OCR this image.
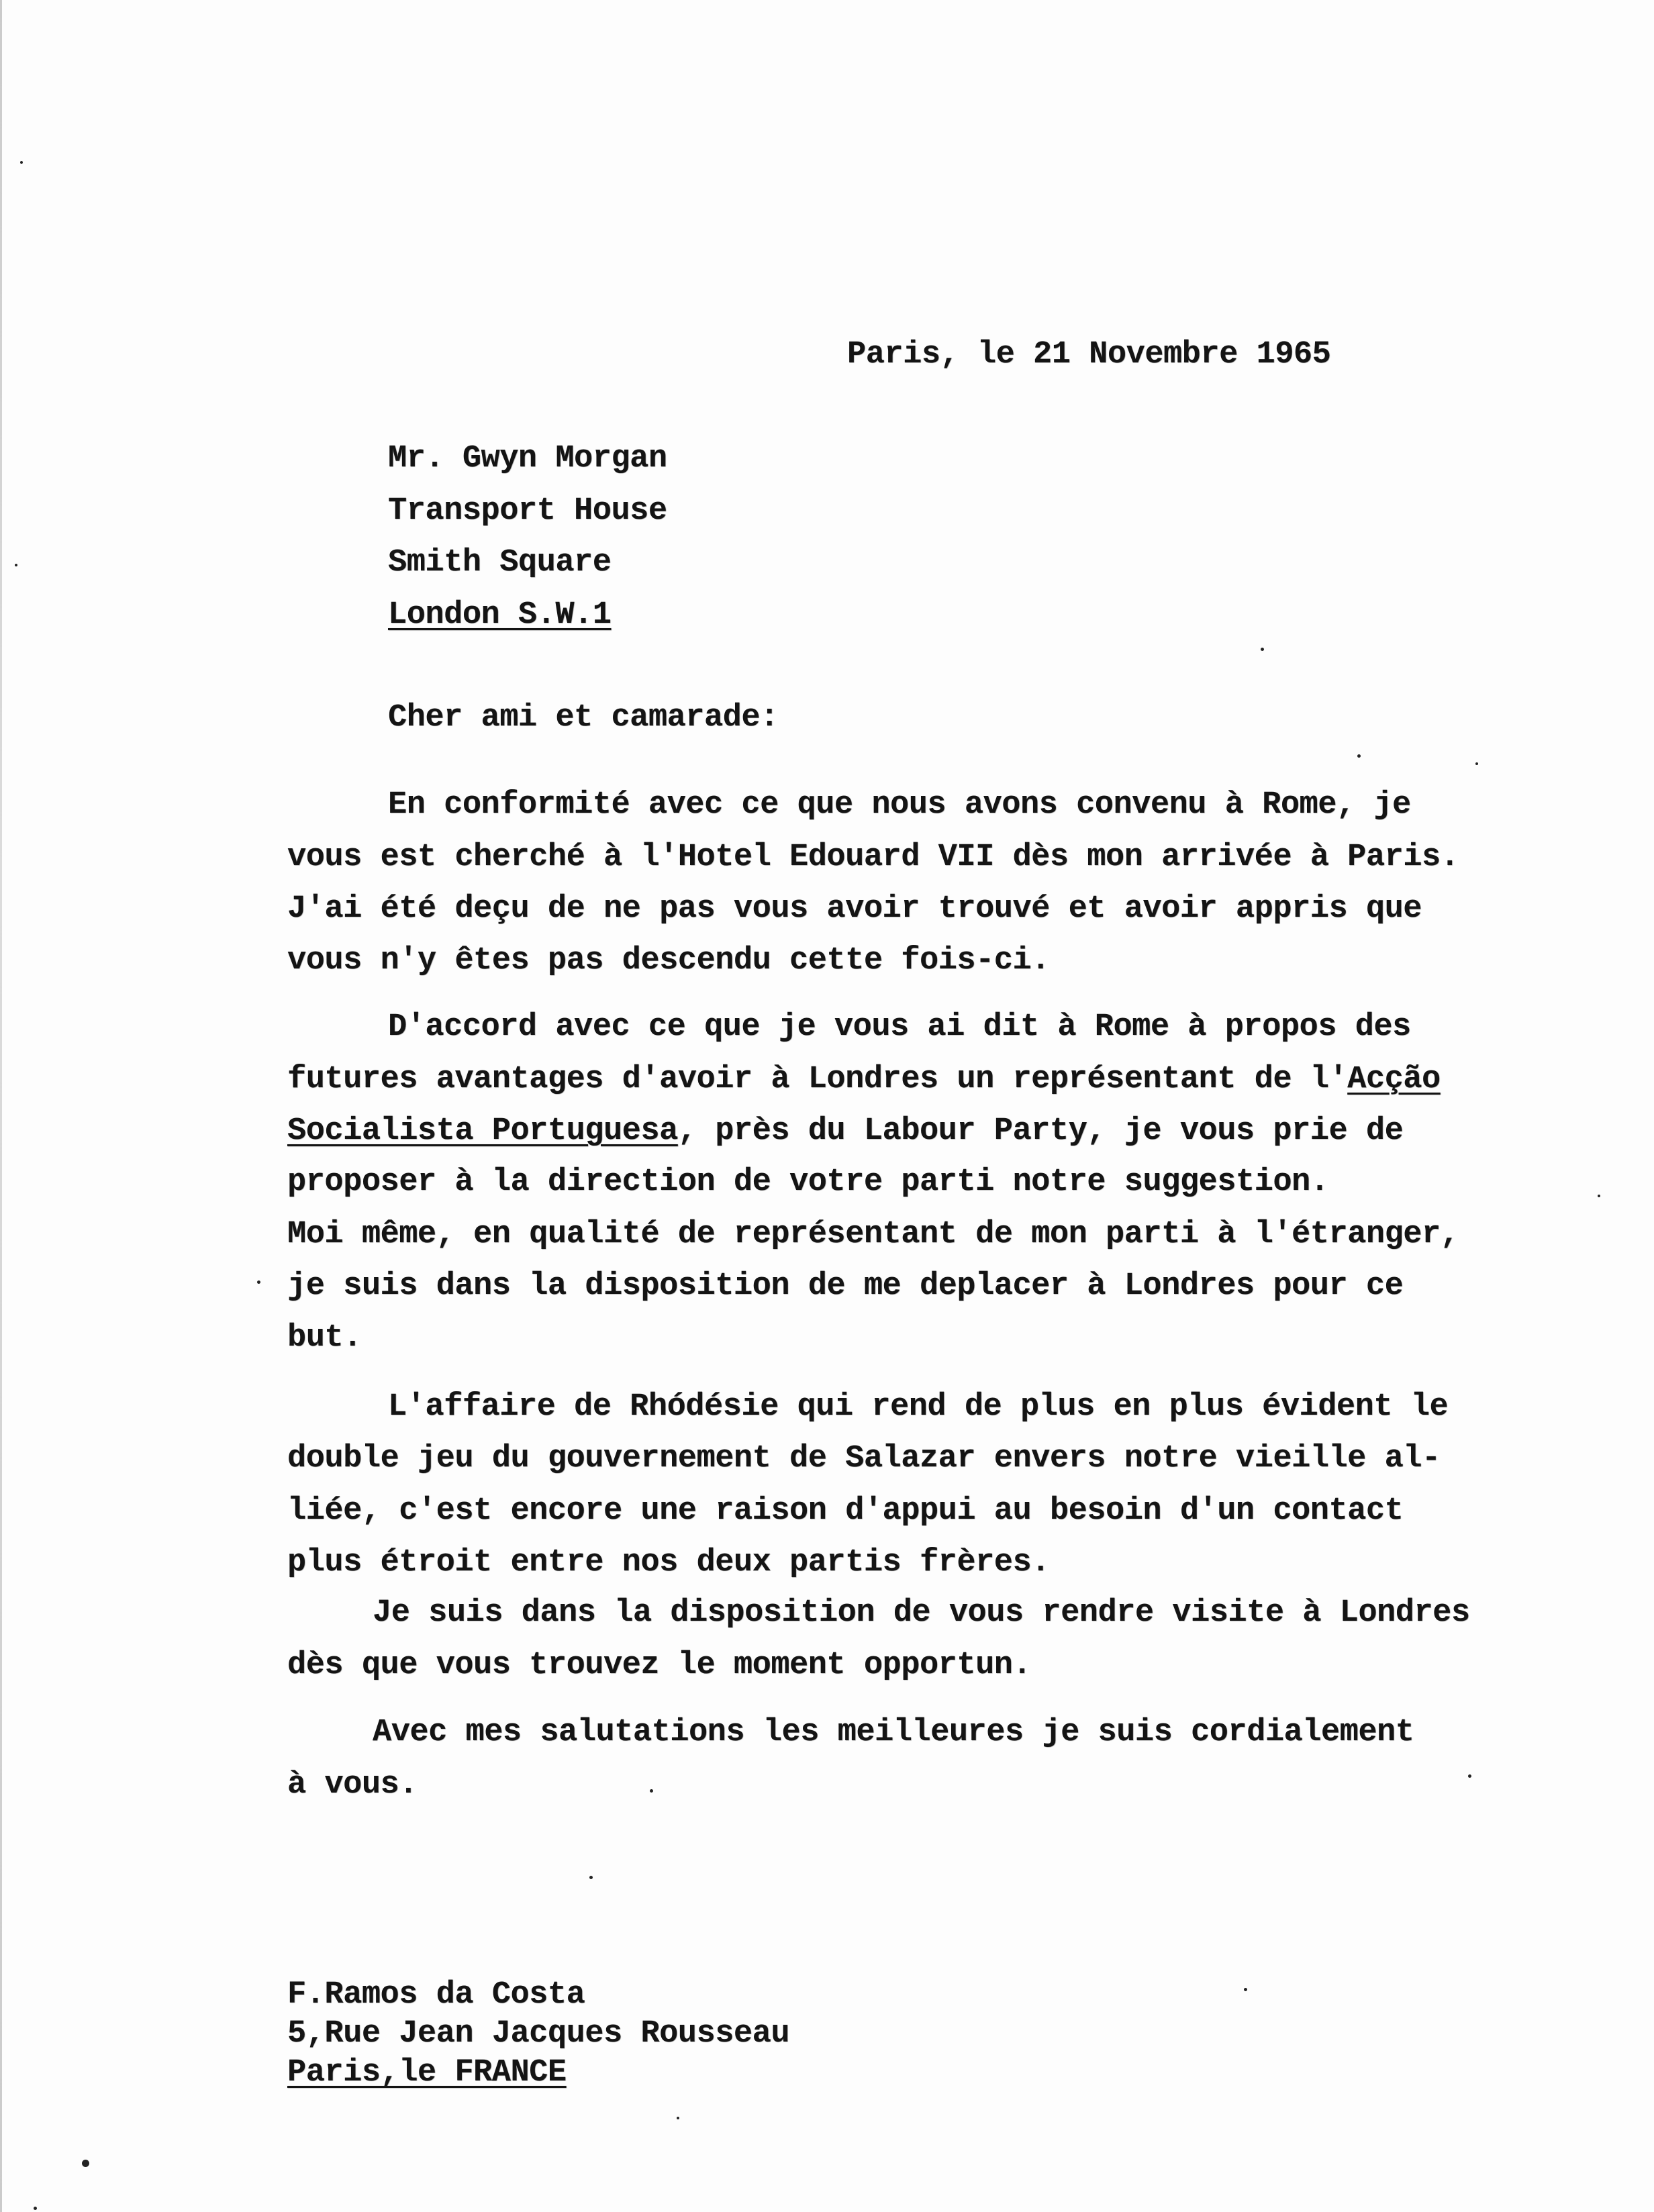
Paris, le 21 Novembre 1965
Mr. Gwyn Morgan
Transport House
Smith Square
London S.W.1
Cher ami et camarade:
En conformité avec ce que nous avons convenu à Rome, je
vous est cherché à l'Hotel Edouard VII dès mon arrivée à Paris.
J'ai été deçu de ne pas vous avoir trouvé et avoir appris que
vous n'y êtes pas descendu cette fois-ci.
D'accord avec ce que je vous ai dit à Rome à propos des
futures avantages d'avoir à Londres un représentant de l'Acção
Socialista Portuguesa, près du Labour Party, je vous prie de
proposer à la direction de votre parti notre suggestion.
Moi même, en qualité de représentant de mon parti à l'étranger,
je suis dans la disposition de me deplacer à Londres pour ce
but.
L'affaire de Rhódésie qui rend de plus en plus évident le
double jeu du gouvernement de Salazar envers notre vieille al-
liée, c'est encore une raison d'appui au besoin d'un contact
plus étroit entre nos deux partis frères.
Je suis dans la disposition de vous rendre visite à Londres
dès que vous trouvez le moment opportun.
Avec mes salutations les meilleures je suis cordialement
à vous.
F.Ramos da Costa
5,Rue Jean Jacques Rousseau
Paris,le FRANCE
